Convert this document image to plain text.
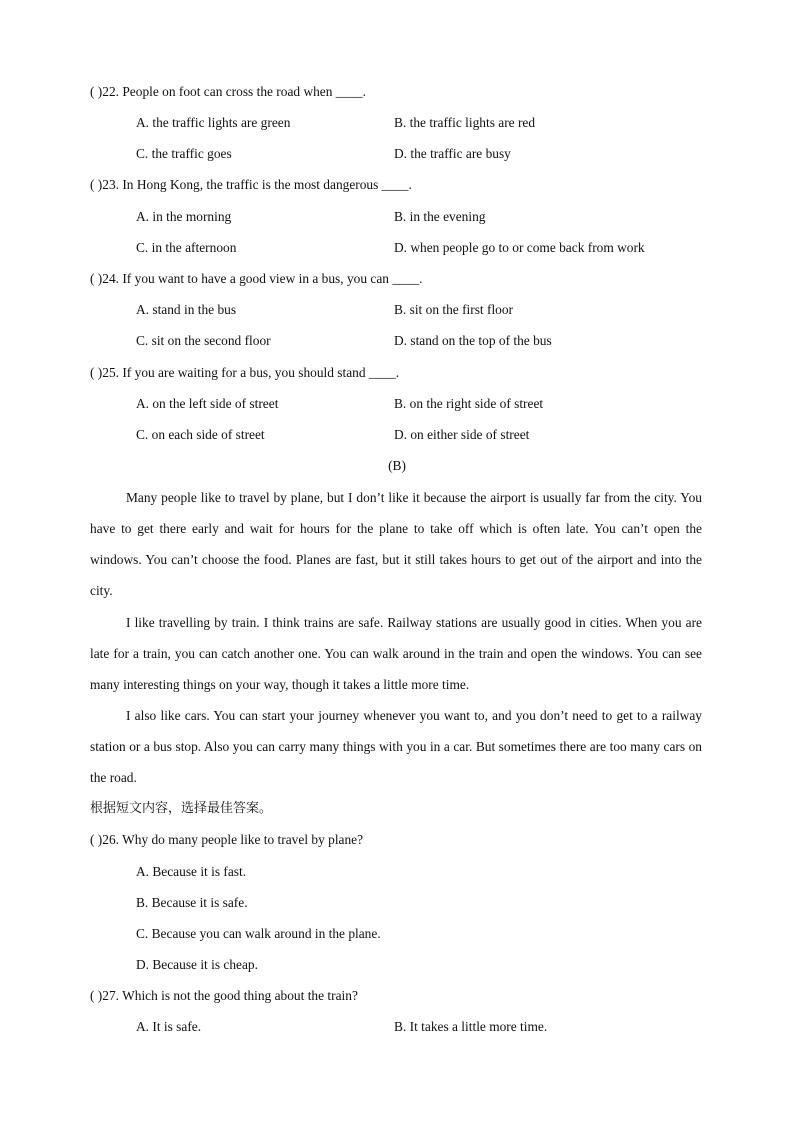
( )22. People on foot can cross the road when ____.
A. the traffic lights are green	B. the traffic lights are red
C. the traffic goes	D. the traffic are busy
( )23. In Hong Kong, the traffic is the most dangerous ____.
A. in the morning	B. in the evening
C. in the afternoon	D. when people go to or come back from work
( )24. If you want to have a good view in a bus, you can ____.
A. stand in the bus	B. sit on the first floor
C. sit on the second floor	D. stand on the top of the bus
( )25. If you are waiting for a bus, you should stand ____.
A. on the left side of street	B. on the right side of street
C. on each side of street	D. on either side of street
(B)
Many people like to travel by plane, but I don’t like it because the airport is usually far from the city. You have to get there early and wait for hours for the plane to take off which is often late. You can’t open the windows. You can’t choose the food. Planes are fast, but it still takes hours to get out of the airport and into the city.
I like travelling by train. I think trains are safe. Railway stations are usually good in cities. When you are late for a train, you can catch another one. You can walk around in the train and open the windows. You can see many interesting things on your way, though it takes a little more time.
I also like cars. You can start your journey whenever you want to, and you don’t need to get to a railway station or a bus stop. Also you can carry many things with you in a car. But sometimes there are too many cars on the road.
根据短文内容，选择最佳答案。
( )26. Why do many people like to travel by plane?
A. Because it is fast.
B. Because it is safe.
C. Because you can walk around in the plane.
D. Because it is cheap.
( )27. Which is not the good thing about the train?
A. It is safe.	B. It takes a little more time.
